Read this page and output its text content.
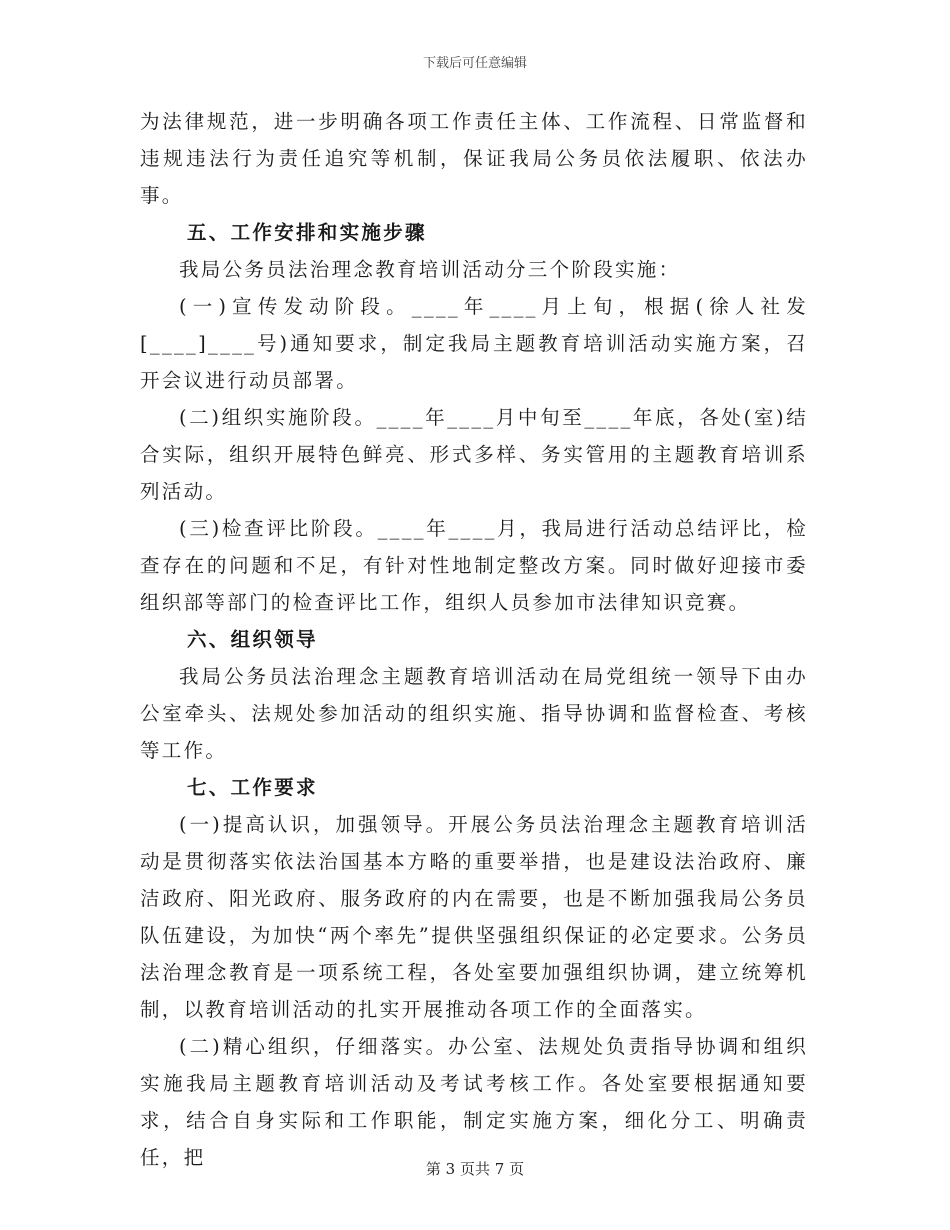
下载后可任意编辑

为法律规范，进一步明确各项工作责任主体、工作流程、日常监督和违规违法行为责任追究等机制，保证我局公务员依法履职、依法办事。

五、工作安排和实施步骤

我局公务员法治理念教育培训活动分三个阶段实施：

(一)宣传发动阶段。____年____月上旬，根据(徐人社发[____]____号)通知要求，制定我局主题教育培训活动实施方案，召开会议进行动员部署。

(二)组织实施阶段。____年____月中旬至____年底，各处(室)结合实际，组织开展特色鲜亮、形式多样、务实管用的主题教育培训系列活动。

(三)检查评比阶段。____年____月，我局进行活动总结评比，检查存在的问题和不足，有针对性地制定整改方案。同时做好迎接市委组织部等部门的检查评比工作，组织人员参加市法律知识竞赛。

六、组织领导

我局公务员法治理念主题教育培训活动在局党组统一领导下由办公室牵头、法规处参加活动的组织实施、指导协调和监督检查、考核等工作。

七、工作要求

(一)提高认识，加强领导。开展公务员法治理念主题教育培训活动是贯彻落实依法治国基本方略的重要举措，也是建设法治政府、廉洁政府、阳光政府、服务政府的内在需要，也是不断加强我局公务员队伍建设，为加快“两个率先”提供坚强组织保证的必定要求。公务员法治理念教育是一项系统工程，各处室要加强组织协调，建立统筹机制，以教育培训活动的扎实开展推动各项工作的全面落实。

(二)精心组织，仔细落实。办公室、法规处负责指导协调和组织实施我局主题教育培训活动及考试考核工作。各处室要根据通知要求，结合自身实际和工作职能，制定实施方案，细化分工、明确责任，把	第 3 页共 7 页
